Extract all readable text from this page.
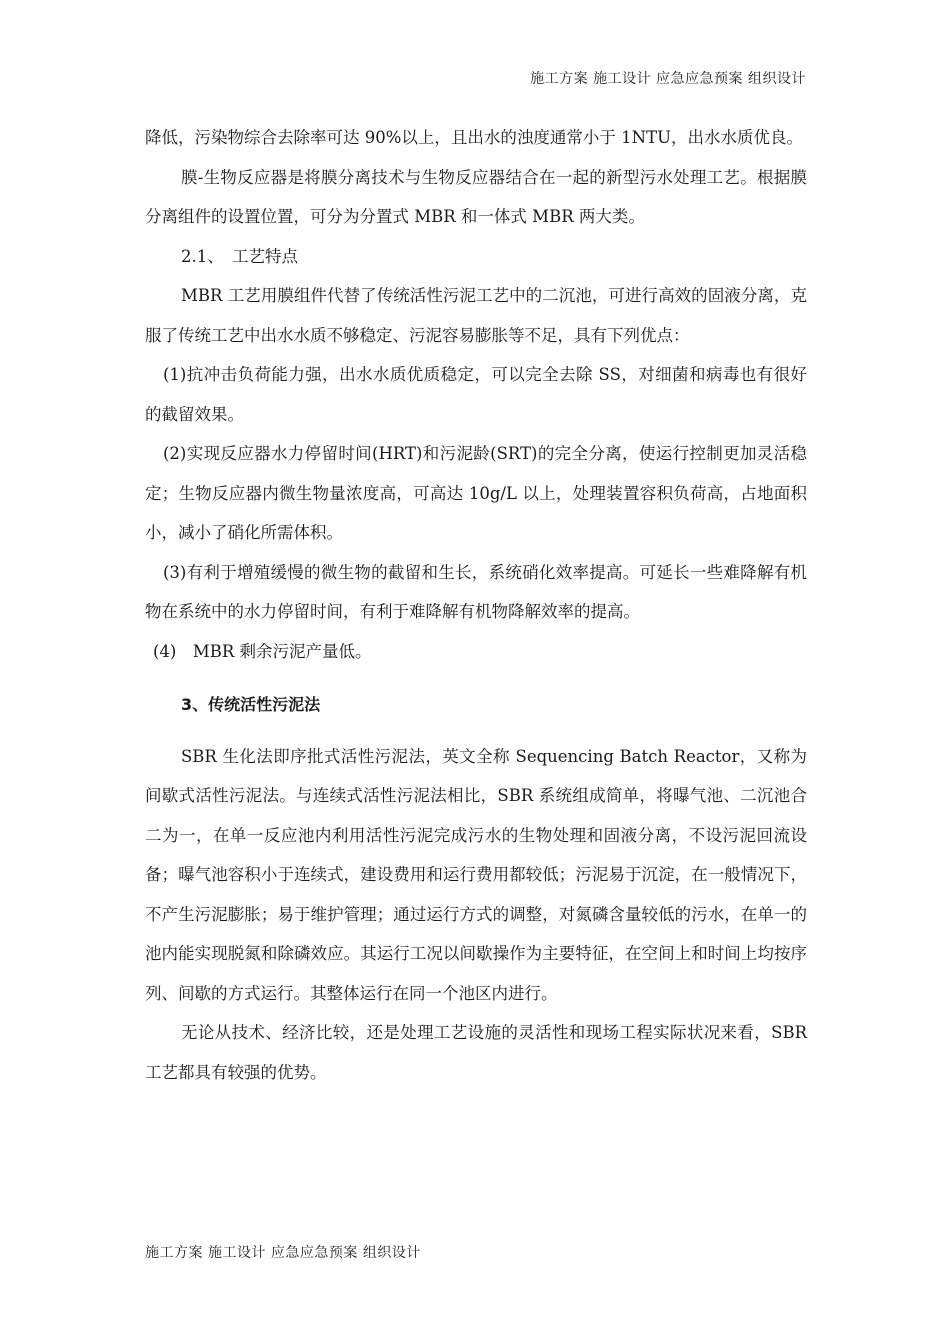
施工方案 施工设计 应急应急预案 组织设计

降低，污染物综合去除率可达 90%以上，且出水的浊度通常小于 1NTU，出水水质优良。

膜-生物反应器是将膜分离技术与生物反应器结合在一起的新型污水处理工艺。根据膜分离组件的设置位置，可分为分置式 MBR 和一体式 MBR 两大类。

2.1、　工艺特点

MBR 工艺用膜组件代替了传统活性污泥工艺中的二沉池，可进行高效的固液分离，克服了传统工艺中出水水质不够稳定、污泥容易膨胀等不足，具有下列优点：

(1)抗冲击负荷能力强，出水水质优质稳定，可以完全去除 SS，对细菌和病毒也有很好的截留效果。

(2)实现反应器水力停留时间(HRT)和污泥龄(SRT)的完全分离，使运行控制更加灵活稳定；生物反应器内微生物量浓度高，可高达 10g/L 以上，处理装置容积负荷高，占地面积小，减小了硝化所需体积。

(3)有利于增殖缓慢的微生物的截留和生长，系统硝化效率提高。可延长一些难降解有机物在系统中的水力停留时间，有利于难降解有机物降解效率的提高。

(4)　MBR 剩余污泥产量低。

3、传统活性污泥法

SBR 生化法即序批式活性污泥法，英文全称 Sequencing Batch Reactor，又称为间歇式活性污泥法。与连续式活性污泥法相比，SBR 系统组成简单，将曝气池、二沉池合二为一，在单一反应池内利用活性污泥完成污水的生物处理和固液分离，不设污泥回流设备；曝气池容积小于连续式，建设费用和运行费用都较低；污泥易于沉淀，在一般情况下，不产生污泥膨胀；易于维护管理；通过运行方式的调整，对氮磷含量较低的污水，在单一的池内能实现脱氮和除磷效应。其运行工况以间歇操作为主要特征，在空间上和时间上均按序列、间歇的方式运行。其整体运行在同一个池区内进行。

无论从技术、经济比较，还是处理工艺设施的灵活性和现场工程实际状况来看，SBR 工艺都具有较强的优势。

施工方案 施工设计 应急应急预案 组织设计
